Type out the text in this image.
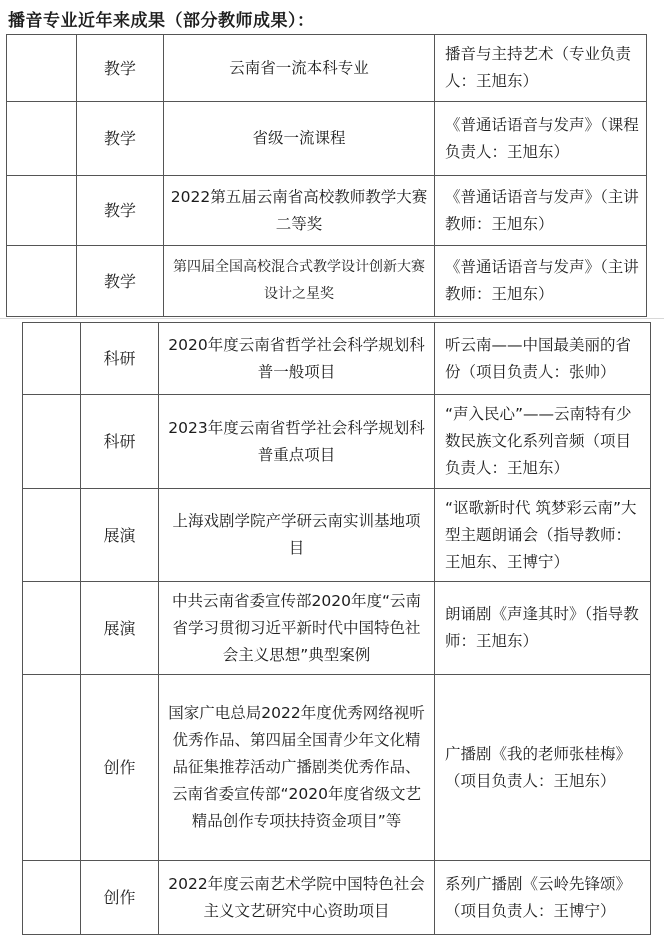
播音专业近年来成果（部分教师成果）：
	教学	云南省一流本科专业	播音与主持艺术（专业负责人：王旭东）
	教学	省级一流课程	《普通话语音与发声》（课程负责人：王旭东）
	教学	2022第五届云南省高校教师教学大赛二等奖	《普通话语音与发声》（主讲教师：王旭东）
	教学	第四届全国高校混合式教学设计创新大赛设计之星奖	《普通话语音与发声》（主讲教师：王旭东）
	科研	2020年度云南省哲学社会科学规划科普一般项目	听云南——中国最美丽的省份（项目负责人：张帅）
	科研	2023年度云南省哲学社会科学规划科普重点项目	“声入民心”——云南特有少数民族文化系列音频（项目负责人：王旭东）
	展演	上海戏剧学院产学研云南实训基地项目	“讴歌新时代 筑梦彩云南”大型主题朗诵会（指导教师：王旭东、王博宁）
	展演	中共云南省委宣传部2020年度“云南省学习贯彻习近平新时代中国特色社会主义思想”典型案例	朗诵剧《声逢其时》（指导教师：王旭东）
	创作	国家广电总局2022年度优秀网络视听优秀作品、第四届全国青少年文化精品征集推荐活动广播剧类优秀作品、云南省委宣传部“2020年度省级文艺精品创作专项扶持资金项目”等	广播剧《我的老师张桂梅》（项目负责人：王旭东）
	创作	2022年度云南艺术学院中国特色社会主义文艺研究中心资助项目	系列广播剧《云岭先锋颂》（项目负责人：王博宁）
